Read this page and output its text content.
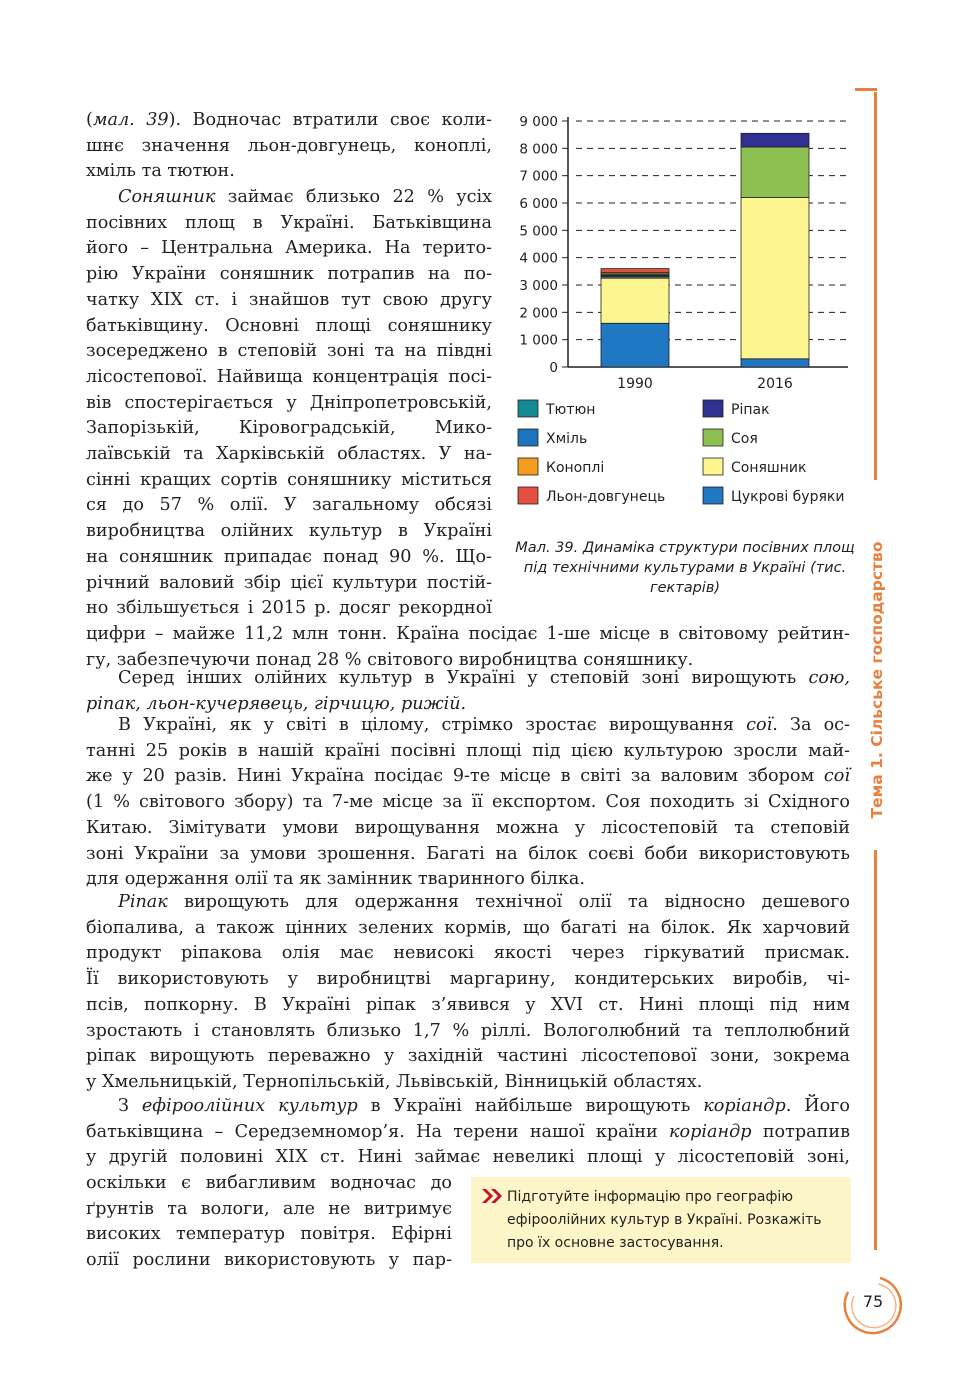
(мал. 39). Водночас втратили своє коли-
шнє значення льон-довгунець, коноплі,
хміль та тютюн.
Соняшник займає близько 22 % усіх
посівних площ в Україні. Батьківщина
його – Центральна Америка. На терито-
рію України соняшник потрапив на по-
чатку XIX ст. і знайшов тут свою другу
батьківщину. Основні площі соняшнику
зосереджено в степовій зоні та на півдні
лісостепової. Найвища концентрація посі-
вів спостерігається у Дніпропетровській,
Запорізькій, Кіровоградській, Мико-
лаївській та Харківській областях. У на-
сінні кращих сортів соняшнику міститься
ся до 57 % олії. У загальному обсязі
виробництва олійних культур в Україні
на соняшник припадає понад 90 %. Що-
річний валовий збір цієї культури постій-
но збільшується і 2015 р. досяг рекордної
0
1 000
2 000
3 000
4 000
5 000
6 000
7 000
8 000
9 000
1990	2016
Тютюн	Ріпак
Хміль	Соя
Коноплі	Соняшник
Льон-довгунець	Цукрові буряки
Мал. 39. Динаміка структури посівних площ під технічними культурами в Україні (тис. гектарів)
цифри – майже 11,2 млн тонн. Країна посідає 1-ше місце в світовому рейтин-
гу, забезпечуючи понад 28 % світового виробництва соняшнику.
Серед інших олійних культур в Україні у степовій зоні вирощують сою,
ріпак, льон-кучерявець, гірчицю, рижій.
В Україні, як у світі в цілому, стрімко зростає вирощування сої. За ос-
танні 25 років в нашій країні посівні площі під цією культурою зросли май-
же у 20 разів. Нині Україна посідає 9-те місце в світі за валовим збором сої
(1 % світового збору) та 7-ме місце за її експортом. Соя походить зі Східного
Китаю. Зімітувати умови вирощування можна у лісостеповій та степовій
зоні України за умови зрошення. Багаті на білок соєві боби використовують
для одержання олії та як замінник тваринного білка.
Ріпак вирощують для одержання технічної олії та відносно дешевого
біопалива, а також цінних зелених кормів, що багаті на білок. Як харчовий
продукт ріпакова олія має невисокі якості через гіркуватий присмак.
Її використовують у виробництві маргарину, кондитерських виробів, чі-
псів, попкорну. В Україні ріпак з’явився у XVI ст. Нині площі під ним
зростають і становлять близько 1,7 % ріллі. Вологолюбний та теплолюбний
ріпак вирощують переважно у західній частині лісостепової зони, зокрема
у Хмельницькій, Тернопільській, Львівській, Вінницькій областях.
З ефіроолійних культур в Україні найбільше вирощують коріандр. Його
батьківщина – Середземномор’я. На терени нашої країни коріандр потрапив
у другій половині XIX ст. Нині займає невеликі площі у лісостеповій зоні,
оскільки є вибагливим водночас до
ґрунтів та вологи, але не витримує
високих температур повітря. Ефірні
олії рослини використовують у пар-
Підготуйте інформацію про географію ефіроолійних культур в Україні. Розкажіть про їх основне застосування.
Тема 1. Сільське господарство
75
